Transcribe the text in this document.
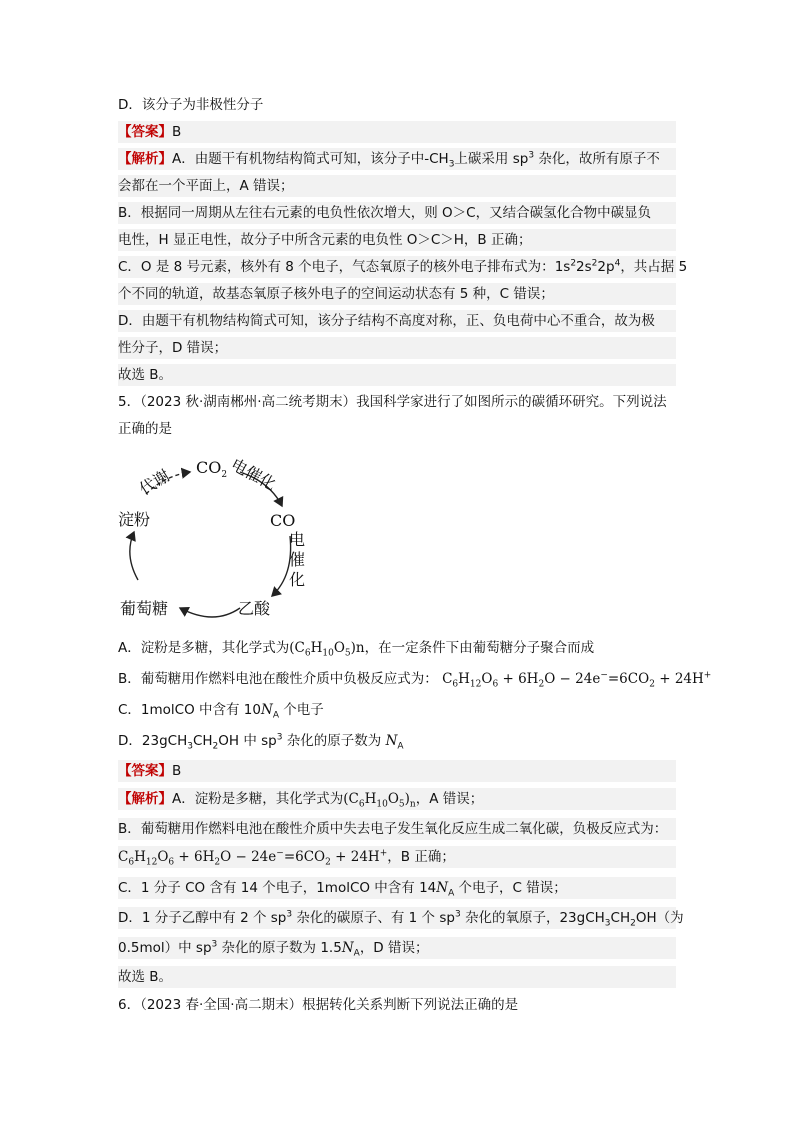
D．该分子为非极性分子
【答案】B
【解析】A．由题干有机物结构简式可知，该分子中$-CH_3$上碳采用 $sp^3$ 杂化，故所有原子不
会都在一个平面上，A 错误；
B．根据同一周期从左往右元素的电负性依次增大，则 O＞C，又结合碳氢化合物中碳显负
电性，H 显正电性，故分子中所含元素的电负性 O＞C＞H，B 正确；
C．O 是 8 号元素，核外有 8 个电子，气态氧原子的核外电子排布式为：$1s^22s^22p^4$，共占据 5
个不同的轨道，故基态氧原子核外电子的空间运动状态有 5 种，C 错误；
D．由题干有机物结构简式可知，该分子结构不高度对称，正、负电荷中心不重合，故为极
性分子，D 错误；
故选 B。
5．（2023 秋·湖南郴州·高二统考期末）我国科学家进行了如图所示的碳循环研究。下列说法
正确的是
$CO_2$
CO
乙酸
葡萄糖
淀粉
代谢	电催化
电
催
化
A．淀粉是多糖，其化学式为$(C_6H_{10}O_5)n$，在一定条件下由葡萄糖分子聚合而成
B．葡萄糖用作燃料电池在酸性介质中负极反应式为： $C_6H_{12}O_6 + 6H_2O - 24e^-=6CO_2 + 24H^+$
C．1molCO 中含有 $10N_A$ 个电子
D．$23gCH_3CH_2OH$ 中 $sp^3$ 杂化的原子数为 $N_A$
【答案】B
【解析】A．淀粉是多糖，其化学式为$(C_6H_{10}O_5)_n$，A 错误；
B．葡萄糖用作燃料电池在酸性介质中失去电子发生氧化反应生成二氧化碳，负极反应式为：
$C_6H_{12}O_6 + 6H_2O - 24e^-=6CO_2 + 24H^+$，B 正确；
C．1 分子 CO 含有 14 个电子，1molCO 中含有 $14N_A$ 个电子，C 错误；
D．1 分子乙醇中有 2 个 $sp^3$ 杂化的碳原子、有 1 个 $sp^3$ 杂化的氧原子，$23gCH_3CH_2OH$（为
0.5mol）中 $sp^3$ 杂化的原子数为 $1.5N_A$，D 错误；
故选 B。
6．（2023 春·全国·高二期末）根据转化关系判断下列说法正确的是
